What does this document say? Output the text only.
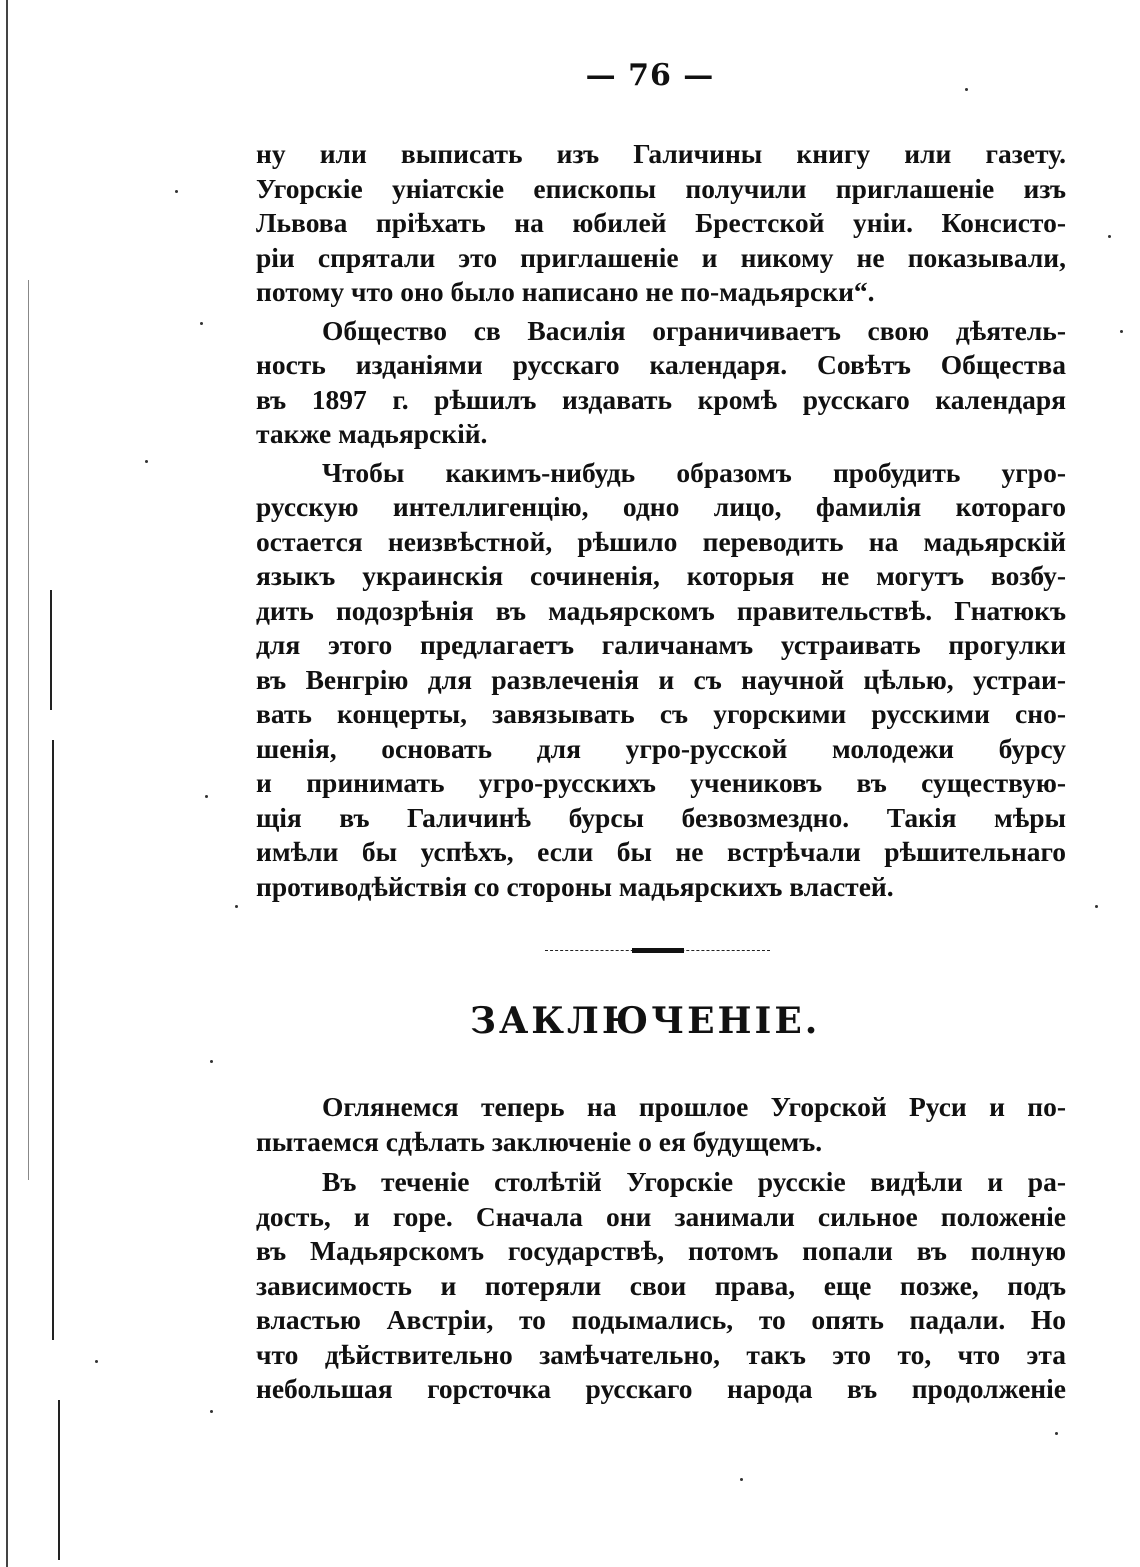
— 76 —

ну или выписать изъ Галичины книгу или газету.
Угорскіе уніатскіе епископы получили приглашеніе изъ
Львова пріѣхать на юбилей Брестской уніи. Консисто-
ріи спрятали это приглашеніе и никому не показывали,
потому что оно было написано не по-мадьярски“.

Общество св Василія ограничиваетъ свою дѣятель-
ность изданіями русскаго календаря. Совѣтъ Общества
въ 1897 г. рѣшилъ издавать кромѣ русскаго календаря
также мадьярскій.

Чтобы какимъ-нибудь образомъ пробудить угро-
русскую интеллигенцію, одно лицо, фамилія котораго
остается неизвѣстной, рѣшило переводить на мадьярскій
языкъ украинскія сочиненія, которыя не могутъ возбу-
дить подозрѣнія въ мадьярскомъ правительствѣ. Гнатюкъ
для этого предлагаетъ галичанамъ устраивать прогулки
въ Венгрію для развлеченія и съ научной цѣлью, устраи-
вать концерты, завязывать съ угорскими русскими сно-
шенія, основать для угро-русской молодежи бурсу
и принимать угро-русскихъ учениковъ въ существую-
щія въ Галичинѣ бурсы безвозмездно. Такія мѣры
имѣли бы успѣхъ, если бы не встрѣчали рѣшительнаго
противодѣйствія со стороны мадьярскихъ властей.

ЗАКЛЮЧЕНІЕ.

Оглянемся теперь на прошлое Угорской Руси и по-
пытаемся сдѣлать заключеніе о ея будущемъ.

Въ теченіе столѣтій Угорскіе русскіе видѣли и ра-
дость, и горе. Сначала они занимали сильное положеніе
въ Мадьярскомъ государствѣ, потомъ попали въ полную
зависимость и потеряли свои права, еще позже, подъ
властью Австріи, то подымались, то опять падали. Но
что дѣйствительно замѣчательно, такъ это то, что эта
небольшая горсточка русскаго народа въ продолженіе
